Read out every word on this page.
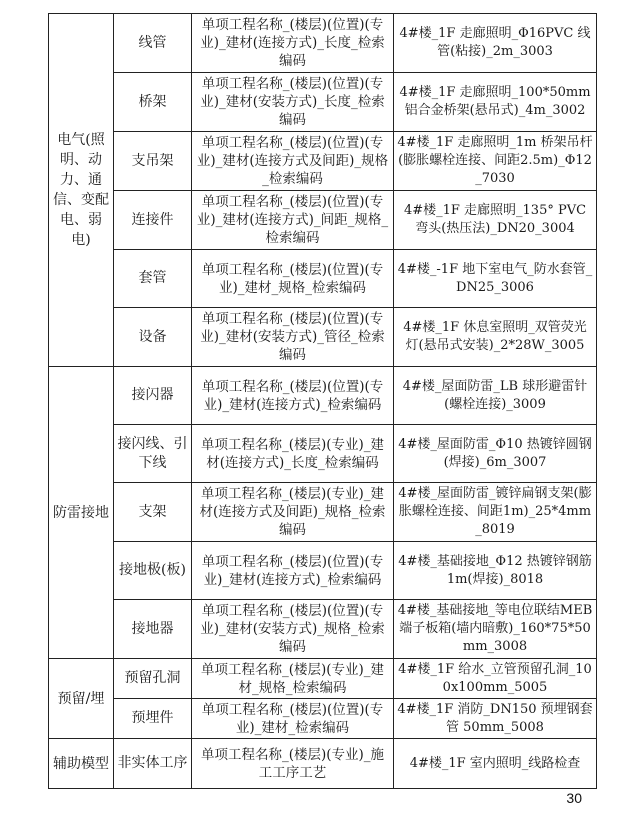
电气(照明、动力、通信、变配电、弱电)	线管	单项工程名称_(楼层)(位置)(专业)_建材(连接方式)_长度_检索编码	4#楼_1F 走廊照明_Φ16PVC 线管(粘接)_2m_3003
	桥架	单项工程名称_(楼层)(位置)(专业)_建材(安装方式)_长度_检索编码	4#楼_1F 走廊照明_100*50mm 铝合金桥架(悬吊式)_4m_3002
	支吊架	单项工程名称_(楼层)(位置)(专业)_建材(连接方式及间距)_规格_检索编码	4#楼_1F 走廊照明_1m 桥架吊杆(膨胀螺栓连接、间距2.5m)_Φ12_7030
	连接件	单项工程名称_(楼层)(位置)(专业)_建材(连接方式)_间距_规格_检索编码	4#楼_1F 走廊照明_135° PVC 弯头(热压法)_DN20_3004
	套管	单项工程名称_(楼层)(位置)(专业)_建材_规格_检索编码	4#楼_-1F 地下室电气_防水套管_DN25_3006
	设备	单项工程名称_(楼层)(位置)(专业)_建材(安装方式)_管径_检索编码	4#楼_1F 休息室照明_双管荧光灯(悬吊式安装)_2*28W_3005
防雷接地	接闪器	单项工程名称_(楼层)(位置)(专业)_建材(连接方式)_检索编码	4#楼_屋面防雷_LB 球形避雷针(螺栓连接)_3009
	接闪线、引下线	单项工程名称_(楼层)(专业)_建材(连接方式)_长度_检索编码	4#楼_屋面防雷_Φ10 热镀锌圆钢(焊接)_6m_3007
	支架	单项工程名称_(楼层)(专业)_建材(连接方式及间距)_规格_检索编码	4#楼_屋面防雷_镀锌扁钢支架(膨胀螺栓连接、间距1m)_25*4mm_8019
	接地极(板)	单项工程名称_(楼层)(位置)(专业)_建材(连接方式)_检索编码	4#楼_基础接地_Φ12 热镀锌钢筋 1m(焊接)_8018
	接地器	单项工程名称_(楼层)(位置)(专业)_建材(安装方式)_规格_检索编码	4#楼_基础接地_等电位联结MEB 端子板箱(墙内暗敷)_160*75*50mm_3008
预留/埋	预留孔洞	单项工程名称_(楼层)(专业)_建材_规格_检索编码	4#楼_1F 给水_立管预留孔洞_100x100mm_5005
	预埋件	单项工程名称_(楼层)(位置)(专业)_建材_检索编码	4#楼_1F 消防_DN150 预埋钢套管 50mm_5008
辅助模型	非实体工序	单项工程名称_(楼层)(专业)_施工工序工艺	4#楼_1F 室内照明_线路检查
30
